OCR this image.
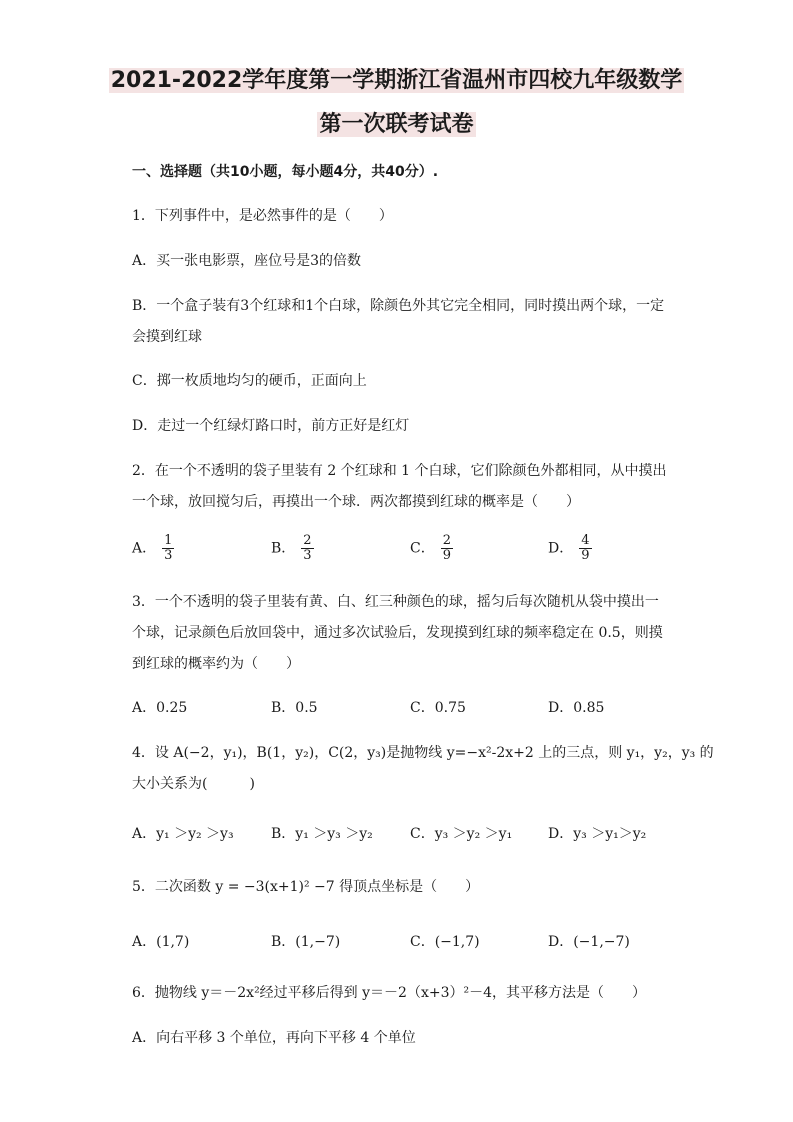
2021-2022学年度第一学期浙江省温州市四校九年级数学
第一次联考试卷
一、选择题（共10小题，每小题4分，共40分）.
1．下列事件中，是必然事件的是（　　）
A．买一张电影票，座位号是3的倍数
B．一个盒子装有3个红球和1个白球，除颜色外其它完全相同，同时摸出两个球，一定
会摸到红球
C．掷一枚质地均匀的硬币，正面向上
D．走过一个红绿灯路口时，前方正好是红灯
2．在一个不透明的袋子里装有 2 个红球和 1 个白球，它们除颜色外都相同，从中摸出
一个球，放回搅匀后，再摸出一个球．两次都摸到红球的概率是（　　）
A． $\frac{1}{3}$	B． $\frac{2}{3}$	C． $\frac{2}{9}$	D． $\frac{4}{9}$
3．一个不透明的袋子里装有黄、白、红三种颜色的球，摇匀后每次随机从袋中摸出一
个球，记录颜色后放回袋中，通过多次试验后，发现摸到红球的频率稳定在 0.5，则摸
到红球的概率约为（　　）
A．0.25	B．0.5	C．0.75	D．0.85
4．设 A(−2，y₁)，B(1，y₂)，C(2，y₃)是抛物线 y=−x²-2x+2 上的三点，则 y₁，y₂，y₃ 的
大小关系为(　　　)
A．y₁ ＞y₂ ＞y₃	B．y₁ ＞y₃ ＞y₂	C．y₃ ＞y₂ ＞y₁	D．y₃ ＞y₁＞y₂
5．二次函数 y = −3(x+1)² −7 得顶点坐标是（　　）
A．(1,7)	B．(1,−7)	C．(−1,7)	D．(−1,−7)
6．抛物线 y＝－2x²经过平移后得到 y＝－2（x+3）²－4，其平移方法是（　　）
A．向右平移 3 个单位，再向下平移 4 个单位
